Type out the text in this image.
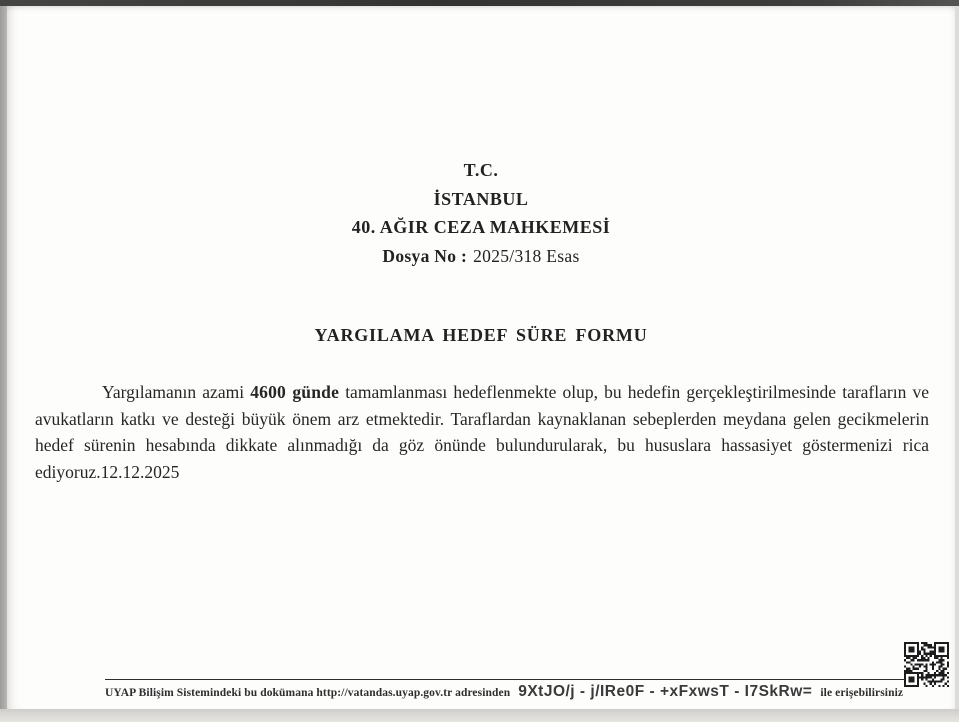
T.C.
İSTANBUL
40. AĞIR CEZA MAHKEMESİ
Dosya No : 2025/318 Esas
YARGILAMA HEDEF SÜRE FORMU

Yargılamanın azami 4600 günde tamamlanması hedeflenmekte olup, bu hedefin gerçekleştirilmesinde tarafların ve avukatların katkı ve desteği büyük önem arz etmektedir. Taraflardan kaynaklanan sebeplerden meydana gelen gecikmelerin hedef sürenin hesabında dikkate alınmadığı da göz önünde bulundurularak, bu hususlara hassasiyet göstermenizi rica ediyoruz.12.12.2025

UYAP Bilişim Sistemindeki bu dokümana http://vatandas.uyap.gov.tr adresinden 9XtJO/j - j/IRe0F - +xFxwsT - I7SkRw= ile erişebilirsiniz
